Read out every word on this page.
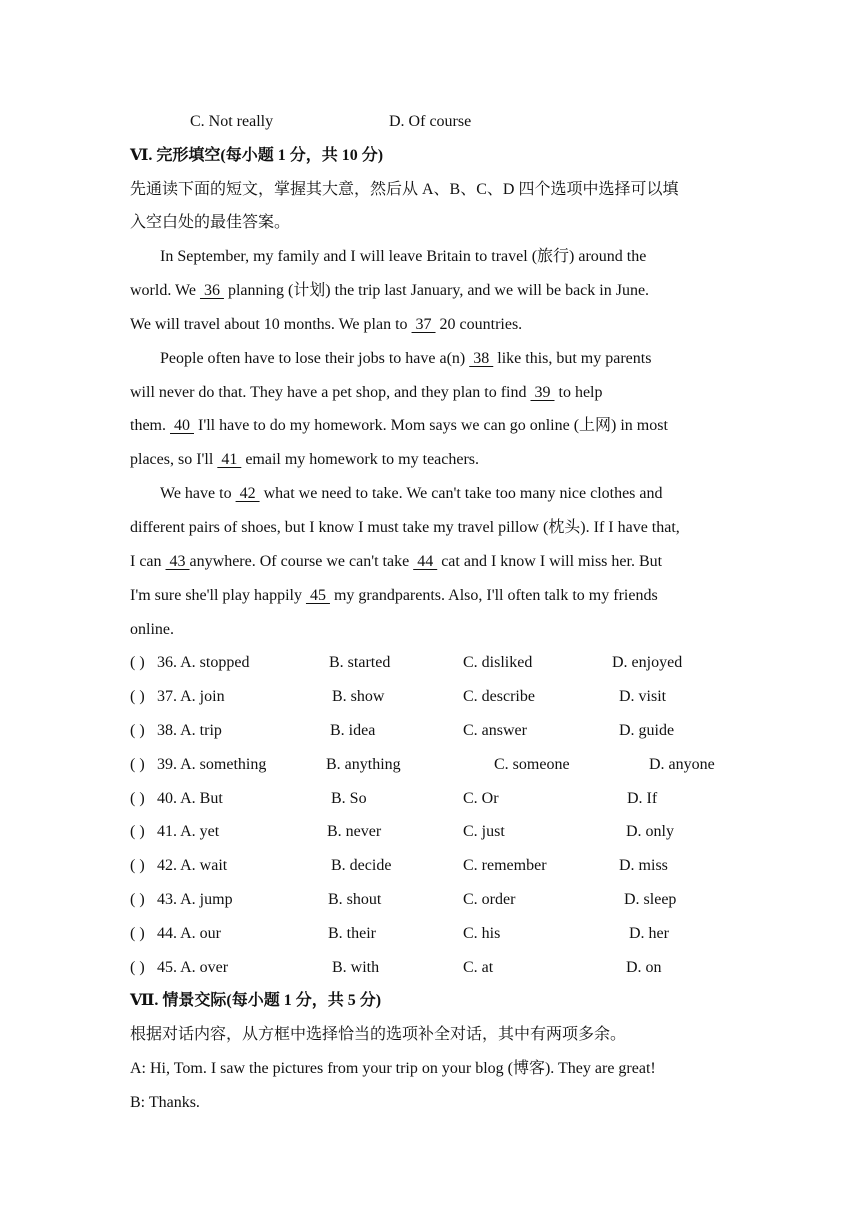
C. Not really	D. Of course
Ⅵ. 完形填空(每小题 1 分，共 10 分)
先通读下面的短文，掌握其大意，然后从 A、B、C、D 四个选项中选择可以填
入空白处的最佳答案。
In September, my family and I will leave Britain to travel (旅行) around the
world. We  36  planning (计划) the trip last January, and we will be back in June.
We will travel about 10 months. We plan to  37  20 countries.
People often have to lose their jobs to have a(n)  38  like this, but my parents
will never do that. They have a pet shop, and they plan to find  39  to help
them.  40  I'll have to do my homework. Mom says we can go online (上网) in most
places, so I'll  41  email my homework to my teachers.
We have to  42  what we need to take. We can't take too many nice clothes and
different pairs of shoes, but I know I must take my travel pillow (枕头). If I have that,
I can  43 anywhere. Of course we can't take  44  cat and I know I will miss her. But
I'm sure she'll play happily  45  my grandparents. Also, I'll often talk to my friends
online.
( ) 36. A. stopped	B. started	C. disliked	D. enjoyed
( ) 37. A. join	B. show	C. describe	D. visit
( ) 38. A. trip	B. idea	C. answer	D. guide
( ) 39. A. something	B. anything	C. someone	D. anyone
( ) 40. A. But	B. So	C. Or	D. If
( ) 41. A. yet	B. never	C. just	D. only
( ) 42. A. wait	B. decide	C. remember	D. miss
( ) 43. A. jump	B. shout	C. order	D. sleep
( ) 44. A. our	B. their	C. his	D. her
( ) 45. A. over	B. with	C. at	D. on
Ⅶ. 情景交际(每小题 1 分，共 5 分)
根据对话内容，从方框中选择恰当的选项补全对话，其中有两项多余。
A: Hi, Tom. I saw the pictures from your trip on your blog (博客). They are great!
B: Thanks.
